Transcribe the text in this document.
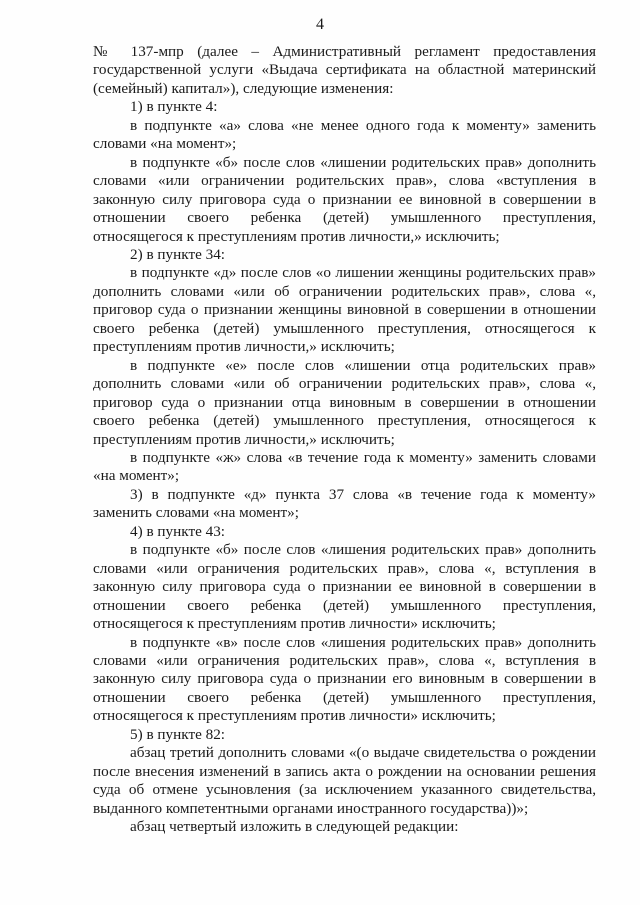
4

№ 137-мпр (далее – Административный регламент предоставления государственной услуги «Выдача сертификата на областной материнский (семейный) капитал»), следующие изменения:

1) в пункте 4:

в подпункте «а» слова «не менее одного года к моменту» заменить словами «на момент»;

в подпункте «б» после слов «лишении родительских прав» дополнить словами «или ограничении родительских прав», слова «вступления в законную силу приговора суда о признании ее виновной в совершении в отношении своего ребенка (детей) умышленного преступления, относящегося к преступлениям против личности,» исключить;

2) в пункте 34:

в подпункте «д» после слов «о лишении женщины родительских прав» дополнить словами «или об ограничении родительских прав», слова «, приговор суда о признании женщины виновной в совершении в отношении своего ребенка (детей) умышленного преступления, относящегося к преступлениям против личности,» исключить;

в подпункте «е» после слов «лишении отца родительских прав» дополнить словами «или об ограничении родительских прав», слова «, приговор суда о признании отца виновным в совершении в отношении своего ребенка (детей) умышленного преступления, относящегося к преступлениям против личности,» исключить;

в подпункте «ж» слова «в течение года к моменту» заменить словами «на момент»;

3) в подпункте «д» пункта 37 слова «в течение года к моменту» заменить словами «на момент»;

4) в пункте 43:

в подпункте «б» после слов «лишения родительских прав» дополнить словами «или ограничения родительских прав», слова «, вступления в законную силу приговора суда о признании ее виновной в совершении в отношении своего ребенка (детей) умышленного преступления, относящегося к преступлениям против личности» исключить;

в подпункте «в» после слов «лишения родительских прав» дополнить словами «или ограничения родительских прав», слова «, вступления в законную силу приговора суда о признании его виновным в совершении в отношении своего ребенка (детей) умышленного преступления, относящегося к преступлениям против личности» исключить;

5) в пункте 82:

абзац третий дополнить словами «(о выдаче свидетельства о рождении после внесения изменений в запись акта о рождении на основании решения суда об отмене усыновления (за исключением указанного свидетельства, выданного компетентными органами иностранного государства))»;

абзац четвертый изложить в следующей редакции:
